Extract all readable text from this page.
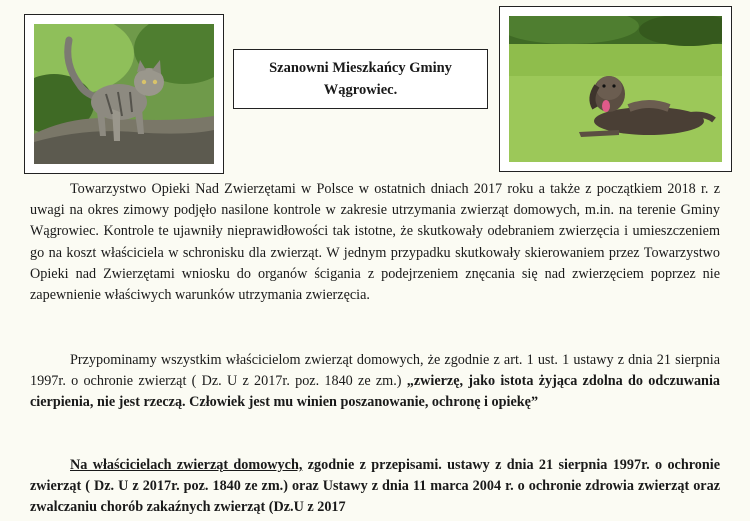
Szanowni Mieszkańcy Gminy
Wągrowiec.

Towarzystwo Opieki Nad Zwierzętami w Polsce w ostatnich dniach 2017 roku a także z początkiem 2018 r. z uwagi na okres zimowy podjęło nasilone kontrole w zakresie utrzymania zwierząt domowych, m.in. na terenie Gminy Wągrowiec. Kontrole te ujawniły nieprawidłowości tak istotne, że skutkowały odebraniem zwierzęcia i umieszczeniem go na koszt właściciela w schronisku dla zwierząt. W jednym przypadku skutkowały skierowaniem przez Towarzystwo Opieki nad Zwierzętami wniosku do organów ścigania z podejrzeniem znęcania się nad zwierzęciem poprzez nie zapewnienie właściwych warunków utrzymania zwierzęcia.

Przypominamy wszystkim właścicielom zwierząt domowych, że zgodnie z art. 1 ust. 1 ustawy z dnia 21 sierpnia 1997r. o ochronie zwierząt ( Dz. U z 2017r. poz. 1840 ze zm.) „zwierzę, jako istota żyjąca zdolna do odczuwania cierpienia, nie jest rzeczą. Człowiek jest mu winien poszanowanie, ochronę i opiekę”

Na właścicielach zwierząt domowych, zgodnie z przepisami. ustawy z dnia 21 sierpnia 1997r. o ochronie zwierząt ( Dz. U z 2017r. poz. 1840 ze zm.) oraz Ustawy z dnia 11 marca 2004 r. o ochronie zdrowia zwierząt oraz zwalczaniu chorób zakaźnych zwierząt (Dz.U z 2017
